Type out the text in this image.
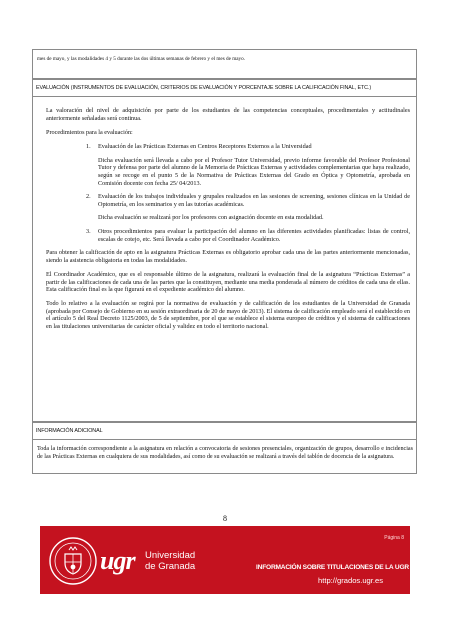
mes de mayo, y las modalidades 4 y 5 durante las dos últimas semanas de febrero y el mes de mayo.
EVALUACIÓN (INSTRUMENTOS DE EVALUACIÓN, CRITERIOS DE EVALUACIÓN Y PORCENTAJE SOBRE LA CALIFICACIÓN FINAL, ETC.)

La valoración del nivel de adquisición por parte de los estudiantes de las competencias conceptuales, procedimentales y actitudinales anteriormente señaladas será continua.

Procedimientos para la evaluación:

1. Evaluación de las Prácticas Externas en Centros Receptores Externos a la Universidad

Dicha evaluación será llevada a cabo por el Profesor Tutor Universidad, previo informe favorable del Profesor Profesional Tutor y defensa por parte del alumno de la Memoria de Prácticas Externas y actividades complementarias que haya realizado, según se recoge en el punto 5 de la Normativa de Prácticas Externas del Grado en Óptica y Optometría, aprobada en Comisión docente con fecha 25/ 04/2013.

2. Evaluación de los trabajos individuales y grupales realizados en las sesiones de screening, sesiones clínicas en la Unidad de Optometría, en los seminarios y en las tutorías académicas.

Dicha evaluación se realizará por los profesores con asignación docente en esta modalidad.

3. Otros procedimientos para evaluar la participación del alumno en las diferentes actividades planificadas: listas de control, escalas de cotejo, etc. Será llevada a cabo por el Coordinador Académico.

Para obtener la calificación de apto en la asignatura Prácticas Externas es obligatorio aprobar cada una de las partes anteriormente mencionadas, siendo la asistencia obligatoria en todas las modalidades.

El Coordinador Académico, que es el responsable último de la asignatura, realizará la evaluación final de la asignatura “Prácticas Externas” a partir de las calificaciones de cada una de las partes que la constituyen, mediante una media ponderada al número de créditos de cada una de ellas. Esta calificación final es la que figurará en el expediente académico del alumno.

Todo lo relativo a la evaluación se regirá por la normativa de evaluación y de calificación de los estudiantes de la Universidad de Granada (aprobada por Consejo de Gobierno en su sesión extraordinaria de 20 de mayo de 2013). El sistema de calificación empleado será el establecido en el artículo 5 del Real Decreto 1125/2003, de 5 de septiembre, por el que se establece el sistema europeo de créditos y el sistema de calificaciones en las titulaciones universitarias de carácter oficial y validez en todo el territorio nacional.

INFORMACIÓN ADICIONAL
Toda la información correspondiente a la asignatura en relación a convocatoria de sesiones presenciales, organización de grupos, desarrollo e incidencias de las Prácticas Externas en cualquiera de sus modalidades, así como de su evaluación se realizará a través del tablón de docencia de la asignatura.
8
Página 8
ugr Universidad
de Granada	INFORMACIÓN SOBRE TITULACIONES DE LA UGR
http://grados.ugr.es
